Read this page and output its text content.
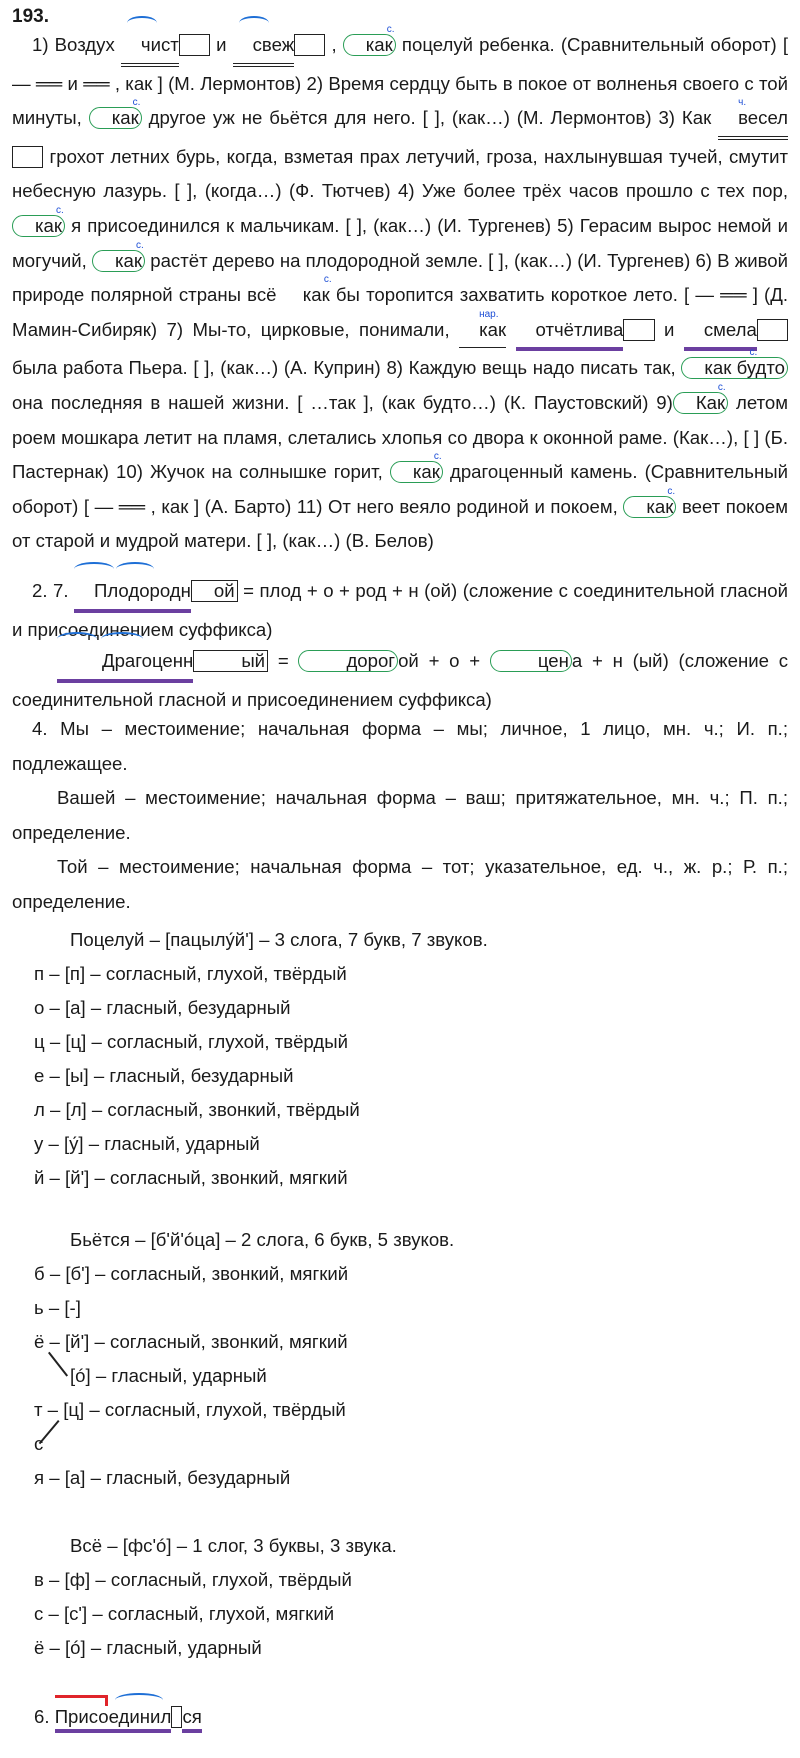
193.

1) Воздух
чист  и
свеж  , с. как поцелуй ребенка. (Сравнительный оборот) [ — ══ и ══ , как ] (М. Лермонтов) 2) Время сердцу быть в покое от волненья своего с той минуты, с. как другое уж не бьётся для него. [ ], (как…) (М. Лермонтов) 3) Как ч. весел  грохот летних бурь, когда, взметая прах летучий, гроза, нахлынувшая тучей, смутит небесную лазурь. [ ], (когда…) (Ф. Тютчев) 4) Уже более трёх часов прошло с тех пор, с. как я присоединился к мальчикам. [ ], (как…) (И. Тургенев) 5) Герасим вырос немой и могучий, с. как растёт дерево на плодородной земле. [ ], (как…) (И. Тургенев) 6) В живой природе полярной страны всё с. как бы торопится захватить короткое лето. [ — ══ ] (Д. Мамин-Сибиряк) 7) Мы-то, цирковые, понимали, нар. как отчётлива  и смела  была работа Пьера. [ ], (как…) (А. Куприн) 8) Каждую вещь надо писать так, с. как будто она последняя в нашей жизни. [ …так ], (как будто…) (К. Паустовский) 9)с. Как летом роем мошкара летит на пламя, слетались хлопья со двора к оконной раме. (Как…), [ ] (Б. Пастернак) 10) Жучок на солнышке горит, с. как драгоценный камень. (Сравнительный оборот) [ — ══ , как ] (А. Барто) 11) От него веяло родиной и покоем, с. как веет покоем от старой и мудрой матери. [ ], (как…) (В. Белов)

2. 7.
Плодородн ой = плод + о + род + н (ой) (сложение с соединительной гласной и присоединением суффикса)

Драгоценн	ый =	дорог ой + о +	цен а + н (ый) (сложение с соединительной гласной и присоединением суффикса)

4. Мы – местоимение; начальная форма – мы; личное, 1 лицо, мн. ч.; И. п.; подлежащее.

Вашей – местоимение; начальная форма – ваш; притяжательное, мн. ч.; П. п.; определение.

Той – местоимение; начальная форма – тот; указательное, ед. ч., ж. р.; Р. п.; определение.

Поцелуй – [пацылу́й'] – 3 слога, 7 букв, 7 звуков.
п – [п] – согласный, глухой, твёрдый
о – [а] – гласный, безударный
ц – [ц] – согласный, глухой, твёрдый
е – [ы] – гласный, безударный
л – [л] – согласный, звонкий, твёрдый
у – [у́] – гласный, ударный
й – [й'] – согласный, звонкий, мягкий
Бьётся – [б'й'óца] – 2 слога, 6 букв, 5 звуков.
б – [б'] – согласный, звонкий, мягкий
ь – [-]
ё – [й'] – согласный, звонкий, мягкий
[ó] – гласный, ударный
т – [ц] – согласный, глухой, твёрдый
с
я – [а] – гласный, безударный
Всё – [фс'ó] – 1 слог, 3 буквы, 3 звука.
в – [ф] – согласный, глухой, твёрдый
с – [с'] – согласный, глухой, мягкий
ё – [ó] – гласный, ударный
6.
Присоединил ся
